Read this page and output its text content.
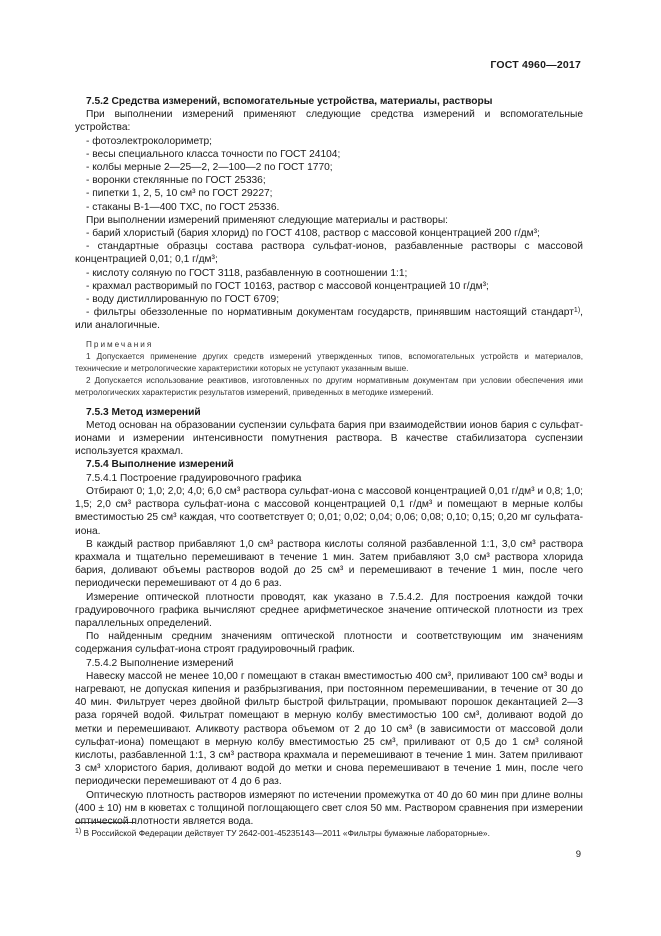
ГОСТ 4960—2017

7.5.2 Средства измерений, вспомогательные устройства, материалы, растворы

При выполнении измерений применяют следующие средства измерений и вспомогательные устройства:

- фотоэлектроколориметр;

- весы специального класса точности по ГОСТ 24104;

- колбы мерные 2—25—2, 2—100—2 по ГОСТ 1770;

- воронки стеклянные по ГОСТ 25336;

- пипетки 1, 2, 5, 10 см³ по ГОСТ 29227;

- стаканы В-1—400 ТХС, по ГОСТ 25336.

При выполнении измерений применяют следующие материалы и растворы:

- барий хлористый (бария хлорид) по ГОСТ 4108, раствор с массовой концентрацией 200 г/дм³;

- стандартные образцы состава раствора сульфат-ионов, разбавленные растворы с массовой концентрацией 0,01; 0,1 г/дм³;

- кислоту соляную по ГОСТ 3118, разбавленную в соотношении 1:1;

- крахмал растворимый по ГОСТ 10163, раствор с массовой концентрацией 10 г/дм³;

- воду дистиллированную по ГОСТ 6709;

- фильтры обеззоленные по нормативным документам государств, принявшим настоящий стандарт$^{1)}$, или аналогичные.

Примечания

1 Допускается применение других средств измерений утвержденных типов, вспомогательных устройств и материалов, технические и метрологические характеристики которых не уступают указанным выше.

2 Допускается использование реактивов, изготовленных по другим нормативным документам при условии обеспечения ими метрологических характеристик результатов измерений, приведенных в методике измерений.

7.5.3 Метод измерений

Метод основан на образовании суспензии сульфата бария при взаимодействии ионов бария с сульфат-ионами и измерении интенсивности помутнения раствора. В качестве стабилизатора суспензии используется крахмал.

7.5.4 Выполнение измерений

7.5.4.1 Построение градуировочного графика

Отбирают 0; 1,0; 2,0; 4,0; 6,0 см³ раствора сульфат-иона с массовой концентрацией 0,01 г/дм³ и 0,8; 1,0; 1,5; 2,0 см³ раствора сульфат-иона с массовой концентрацией 0,1 г/дм³ и помещают в мерные колбы вместимостью 25 см³ каждая, что соответствует 0; 0,01; 0,02; 0,04; 0,06; 0,08; 0,10; 0,15; 0,20 мг сульфата-иона.

В каждый раствор прибавляют 1,0 см³ раствора кислоты соляной разбавленной 1:1, 3,0 см³ раствора крахмала и тщательно перемешивают в течение 1 мин. Затем прибавляют 3,0 см³ раствора хлорида бария, доливают объемы растворов водой до 25 см³ и перемешивают в течение 1 мин, после чего периодически перемешивают от 4 до 6 раз.

Измерение оптической плотности проводят, как указано в 7.5.4.2. Для построения каждой точки градуировочного графика вычисляют среднее арифметическое значение оптической плотности из трех параллельных определений.

По найденным средним значениям оптической плотности и соответствующим им значениям содержания сульфат-иона строят градуировочный график.

7.5.4.2 Выполнение измерений

Навеску массой не менее 10,00 г помещают в стакан вместимостью 400 см³, приливают 100 см³ воды и нагревают, не допуская кипения и разбрызгивания, при постоянном перемешивании, в течение от 30 до 40 мин. Фильтрует через двойной фильтр быстрой фильтрации, промывают порошок декантацией 2—3 раза горячей водой. Фильтрат помещают в мерную колбу вместимостью 100 см³, доливают водой до метки и перемешивают. Аликвоту раствора объемом от 2 до 10 см³ (в зависимости от массовой доли сульфат-иона) помещают в мерную колбу вместимостью 25 см³, приливают от 0,5 до 1 см³ соляной кислоты, разбавленной 1:1, 3 см³ раствора крахмала и перемешивают в течение 1 мин. Затем приливают 3 см³ хлористого бария, доливают водой до метки и снова перемешивают в течение 1 мин, после чего периодически перемешивают от 4 до 6 раз.

Оптическую плотность растворов измеряют по истечении промежутка от 40 до 60 мин при длине волны (400 ± 10) нм в кюветах с толщиной поглощающего свет слоя 50 мм. Раствором сравнения при измерении оптической плотности является вода.

$^{1)}$ В Российской Федерации действует ТУ 2642-001-45235143—2011 «Фильтры бумажные лабораторные».
9
